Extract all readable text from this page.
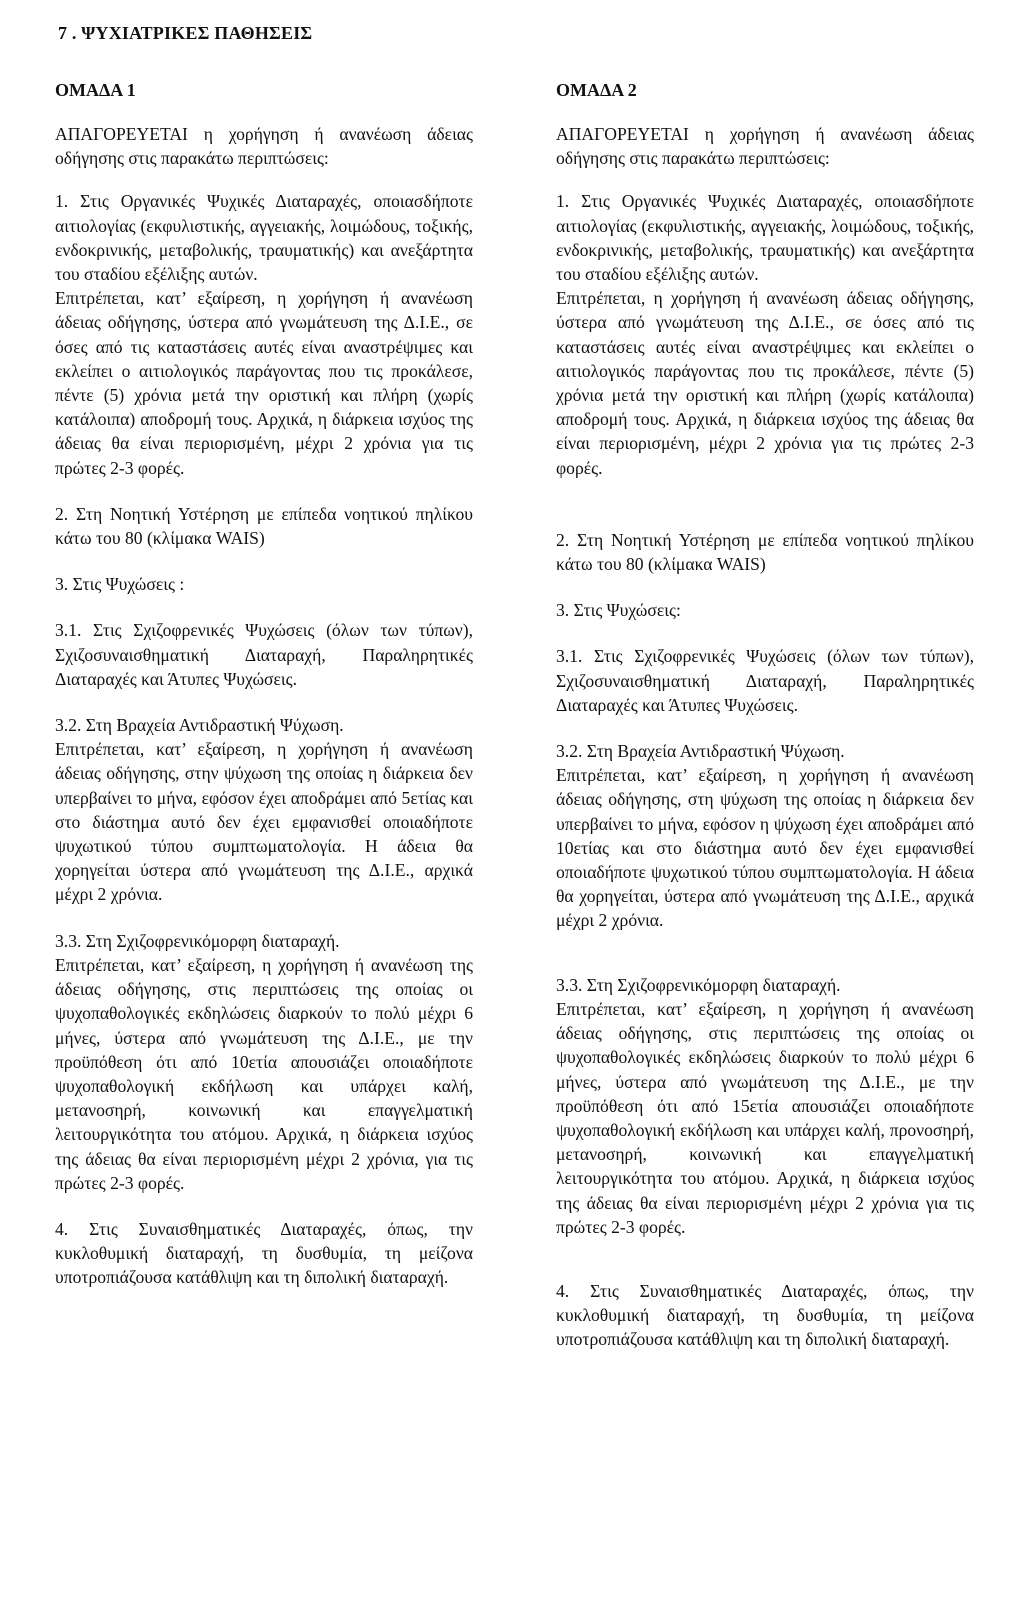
7 . ΨΥΧΙΑΤΡΙΚΕΣ ΠΑΘΗΣΕΙΣ
ΟΜΑΔΑ 1

ΑΠΑΓΟΡΕΥΕΤΑΙ η χορήγηση ή ανανέωση άδειας οδήγησης στις παρακάτω περιπτώσεις:

1. Στις Οργανικές Ψυχικές Διαταραχές, οποιασδήποτε αιτιολογίας (εκφυλιστικής, αγγειακής, λοιμώδους, τοξικής, ενδοκρινικής, μεταβολικής, τραυματικής) και ανεξάρτητα του σταδίου εξέλιξης αυτών.

Επιτρέπεται, κατ’ εξαίρεση, η χορήγηση ή ανανέωση άδειας οδήγησης, ύστερα από γνωμάτευση της Δ.Ι.Ε., σε όσες από τις καταστάσεις αυτές είναι αναστρέψιμες και εκλείπει ο αιτιολογικός παράγοντας που τις προκάλεσε, πέντε (5) χρόνια μετά την οριστική και πλήρη (χωρίς κατάλοιπα) αποδρομή τους. Αρχικά, η διάρκεια ισχύος της άδειας θα είναι περιορισμένη, μέχρι 2 χρόνια για τις πρώτες 2-3 φορές.

2. Στη Νοητική Υστέρηση με επίπεδα νοητικού πηλίκου κάτω του 80 (κλίμακα WAIS)

3. Στις Ψυχώσεις :

3.1. Στις Σχιζοφρενικές Ψυχώσεις (όλων των τύπων), Σχιζοσυναισθηματική Διαταραχή, Παραληρητικές Διαταραχές και Άτυπες Ψυχώσεις.

3.2. Στη Βραχεία Αντιδραστική Ψύχωση.

Επιτρέπεται, κατ’ εξαίρεση, η χορήγηση ή ανανέωση άδειας οδήγησης, στην ψύχωση της οποίας η διάρκεια δεν υπερβαίνει το μήνα, εφόσον έχει αποδράμει από 5ετίας και στο διάστημα αυτό δεν έχει εμφανισθεί οποιαδήποτε ψυχωτικού τύπου συμπτωματολογία. Η άδεια θα χορηγείται ύστερα από γνωμάτευση της Δ.Ι.Ε., αρχικά μέχρι 2 χρόνια.

3.3. Στη Σχιζοφρενικόμορφη διαταραχή.

Επιτρέπεται, κατ’ εξαίρεση, η χορήγηση ή ανανέωση της άδειας οδήγησης, στις περιπτώσεις της οποίας οι ψυχοπαθολογικές εκδηλώσεις διαρκούν το πολύ μέχρι 6 μήνες, ύστερα από γνωμάτευση της Δ.Ι.Ε., με την προϋπόθεση ότι από 10ετία απουσιάζει οποιαδήποτε ψυχοπαθολογική εκδήλωση και υπάρχει καλή, μετανοσηρή, κοινωνική και επαγγελματική λειτουργικότητα του ατόμου. Αρχικά, η διάρκεια ισχύος της άδειας θα είναι περιορισμένη μέχρι 2 χρόνια, για τις πρώτες 2-3 φορές.

4. Στις Συναισθηματικές Διαταραχές, όπως, την κυκλοθυμική διαταραχή, τη δυσθυμία, τη μείζονα υποτροπιάζουσα κατάθλιψη και τη διπολική διαταραχή.

ΟΜΑΔΑ 2

ΑΠΑΓΟΡΕΥΕΤΑΙ η χορήγηση ή ανανέωση άδειας οδήγησης στις παρακάτω περιπτώσεις:

1. Στις Οργανικές Ψυχικές Διαταραχές, οποιασδήποτε αιτιολογίας (εκφυλιστικής, αγγειακής, λοιμώδους, τοξικής, ενδοκρινικής, μεταβολικής, τραυματικής) και ανεξάρτητα του σταδίου εξέλιξης αυτών.

Επιτρέπεται, η χορήγηση ή ανανέωση άδειας οδήγησης, ύστερα από γνωμάτευση της Δ.Ι.Ε., σε όσες από τις καταστάσεις αυτές είναι αναστρέψιμες και εκλείπει ο αιτιολογικός παράγοντας που τις προκάλεσε, πέντε (5) χρόνια μετά την οριστική και πλήρη (χωρίς κατάλοιπα) αποδρομή τους. Αρχικά, η διάρκεια ισχύος της άδειας θα είναι περιορισμένη, μέχρι 2 χρόνια για τις πρώτες 2-3 φορές.

2. Στη Νοητική Υστέρηση με επίπεδα νοητικού πηλίκου κάτω του 80 (κλίμακα WAIS)

3. Στις Ψυχώσεις:

3.1. Στις Σχιζοφρενικές Ψυχώσεις (όλων των τύπων), Σχιζοσυναισθηματική Διαταραχή, Παραληρητικές Διαταραχές και Άτυπες Ψυχώσεις.

3.2. Στη Βραχεία Αντιδραστική Ψύχωση.

Επιτρέπεται, κατ’ εξαίρεση, η χορήγηση ή ανανέωση άδειας οδήγησης, στη ψύχωση της οποίας η διάρκεια δεν υπερβαίνει το μήνα, εφόσον η ψύχωση έχει αποδράμει από 10ετίας και στο διάστημα αυτό δεν έχει εμφανισθεί οποιαδήποτε ψυχωτικού τύπου συμπτωματολογία. Η άδεια θα χορηγείται, ύστερα από γνωμάτευση της Δ.Ι.Ε., αρχικά μέχρι 2 χρόνια.

3.3. Στη Σχιζοφρενικόμορφη διαταραχή.

Επιτρέπεται, κατ’ εξαίρεση, η χορήγηση ή ανανέωση άδειας οδήγησης, στις περιπτώσεις της οποίας οι ψυχοπαθολογικές εκδηλώσεις διαρκούν το πολύ μέχρι 6 μήνες, ύστερα από γνωμάτευση της Δ.Ι.Ε., με την προϋπόθεση ότι από 15ετία απουσιάζει οποιαδήποτε ψυχοπαθολογική εκδήλωση και υπάρχει καλή, προνοσηρή, μετανοσηρή, κοινωνική και επαγγελματική λειτουργικότητα του ατόμου. Αρχικά, η διάρκεια ισχύος της άδειας θα είναι περιορισμένη μέχρι 2 χρόνια για τις πρώτες 2-3 φορές.

4. Στις Συναισθηματικές Διαταραχές, όπως, την κυκλοθυμική διαταραχή, τη δυσθυμία, τη μείζονα υποτροπιάζουσα κατάθλιψη και τη διπολική διαταραχή.
